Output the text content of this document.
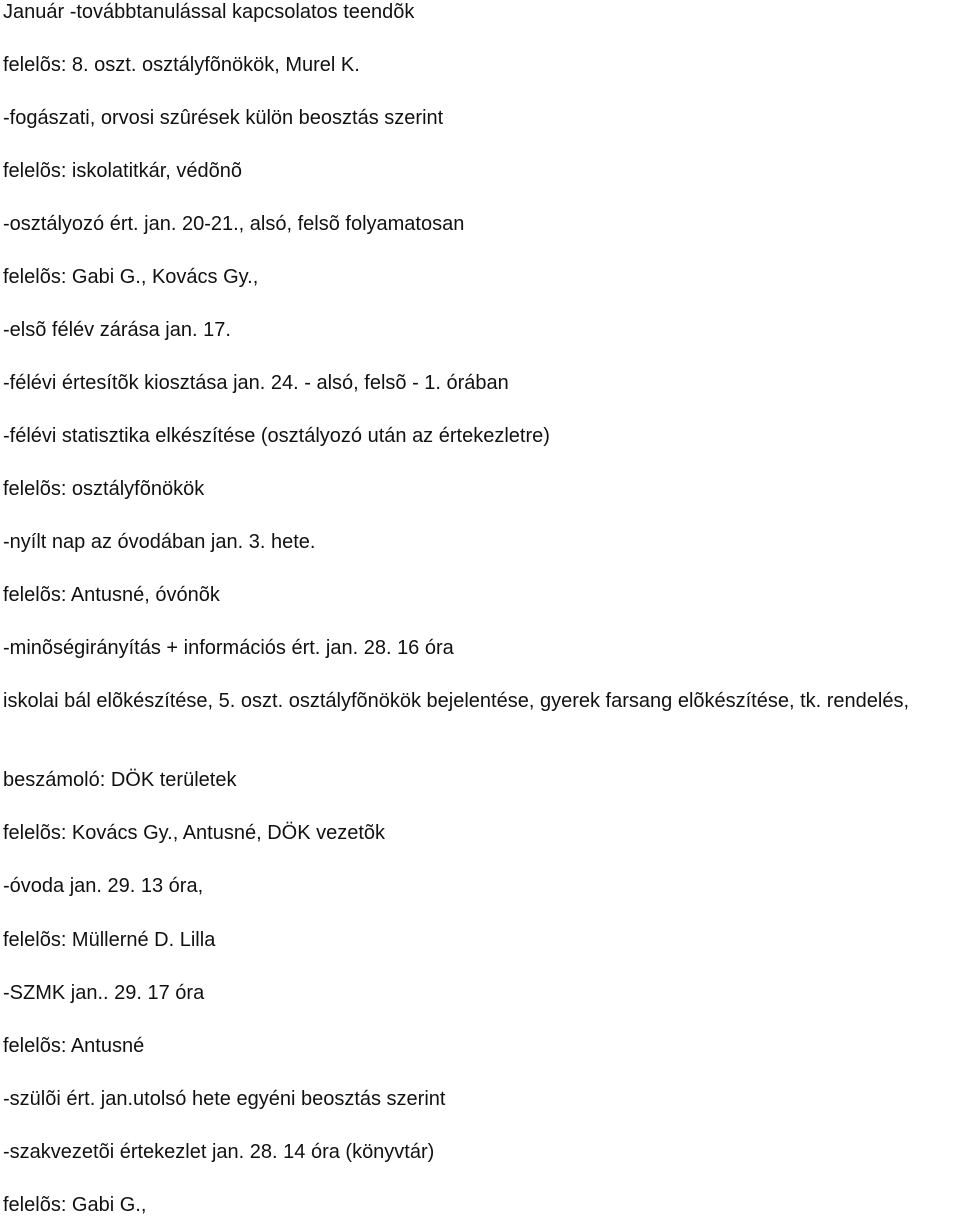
Január -továbbtanulással kapcsolatos teendõk

felelõs: 8. oszt. osztályfõnökök, Murel K.

-fogászati, orvosi szûrések külön beosztás szerint

felelõs: iskolatitkár, védõnõ

-osztályozó ért. jan. 20-21., alsó, felsõ folyamatosan

felelõs: Gabi G., Kovács Gy.,

-elsõ félév zárása jan. 17.

-félévi értesítõk kiosztása jan. 24. - alsó, felsõ - 1. órában

-félévi statisztika elkészítése (osztályozó után az értekezletre)

felelõs: osztályfõnökök

-nyílt nap az óvodában jan. 3. hete.

felelõs: Antusné, óvónõk

-minõségirányítás + információs ért. jan. 28. 16 óra

iskolai bál elõkészítése, 5. oszt. osztályfõnökök bejelentése, gyerek farsang elõkészítése, tk. rendelés,

beszámoló: DÖK területek

felelõs: Kovács Gy., Antusné, DÖK vezetõk

-óvoda jan. 29. 13 óra,

felelõs: Müllerné D. Lilla

-SZMK jan.. 29. 17 óra

felelõs: Antusné

-szülõi ért. jan.utolsó hete egyéni beosztás szerint

-szakvezetõi értekezlet jan. 28. 14 óra (könyvtár)

felelõs: Gabi G.,
